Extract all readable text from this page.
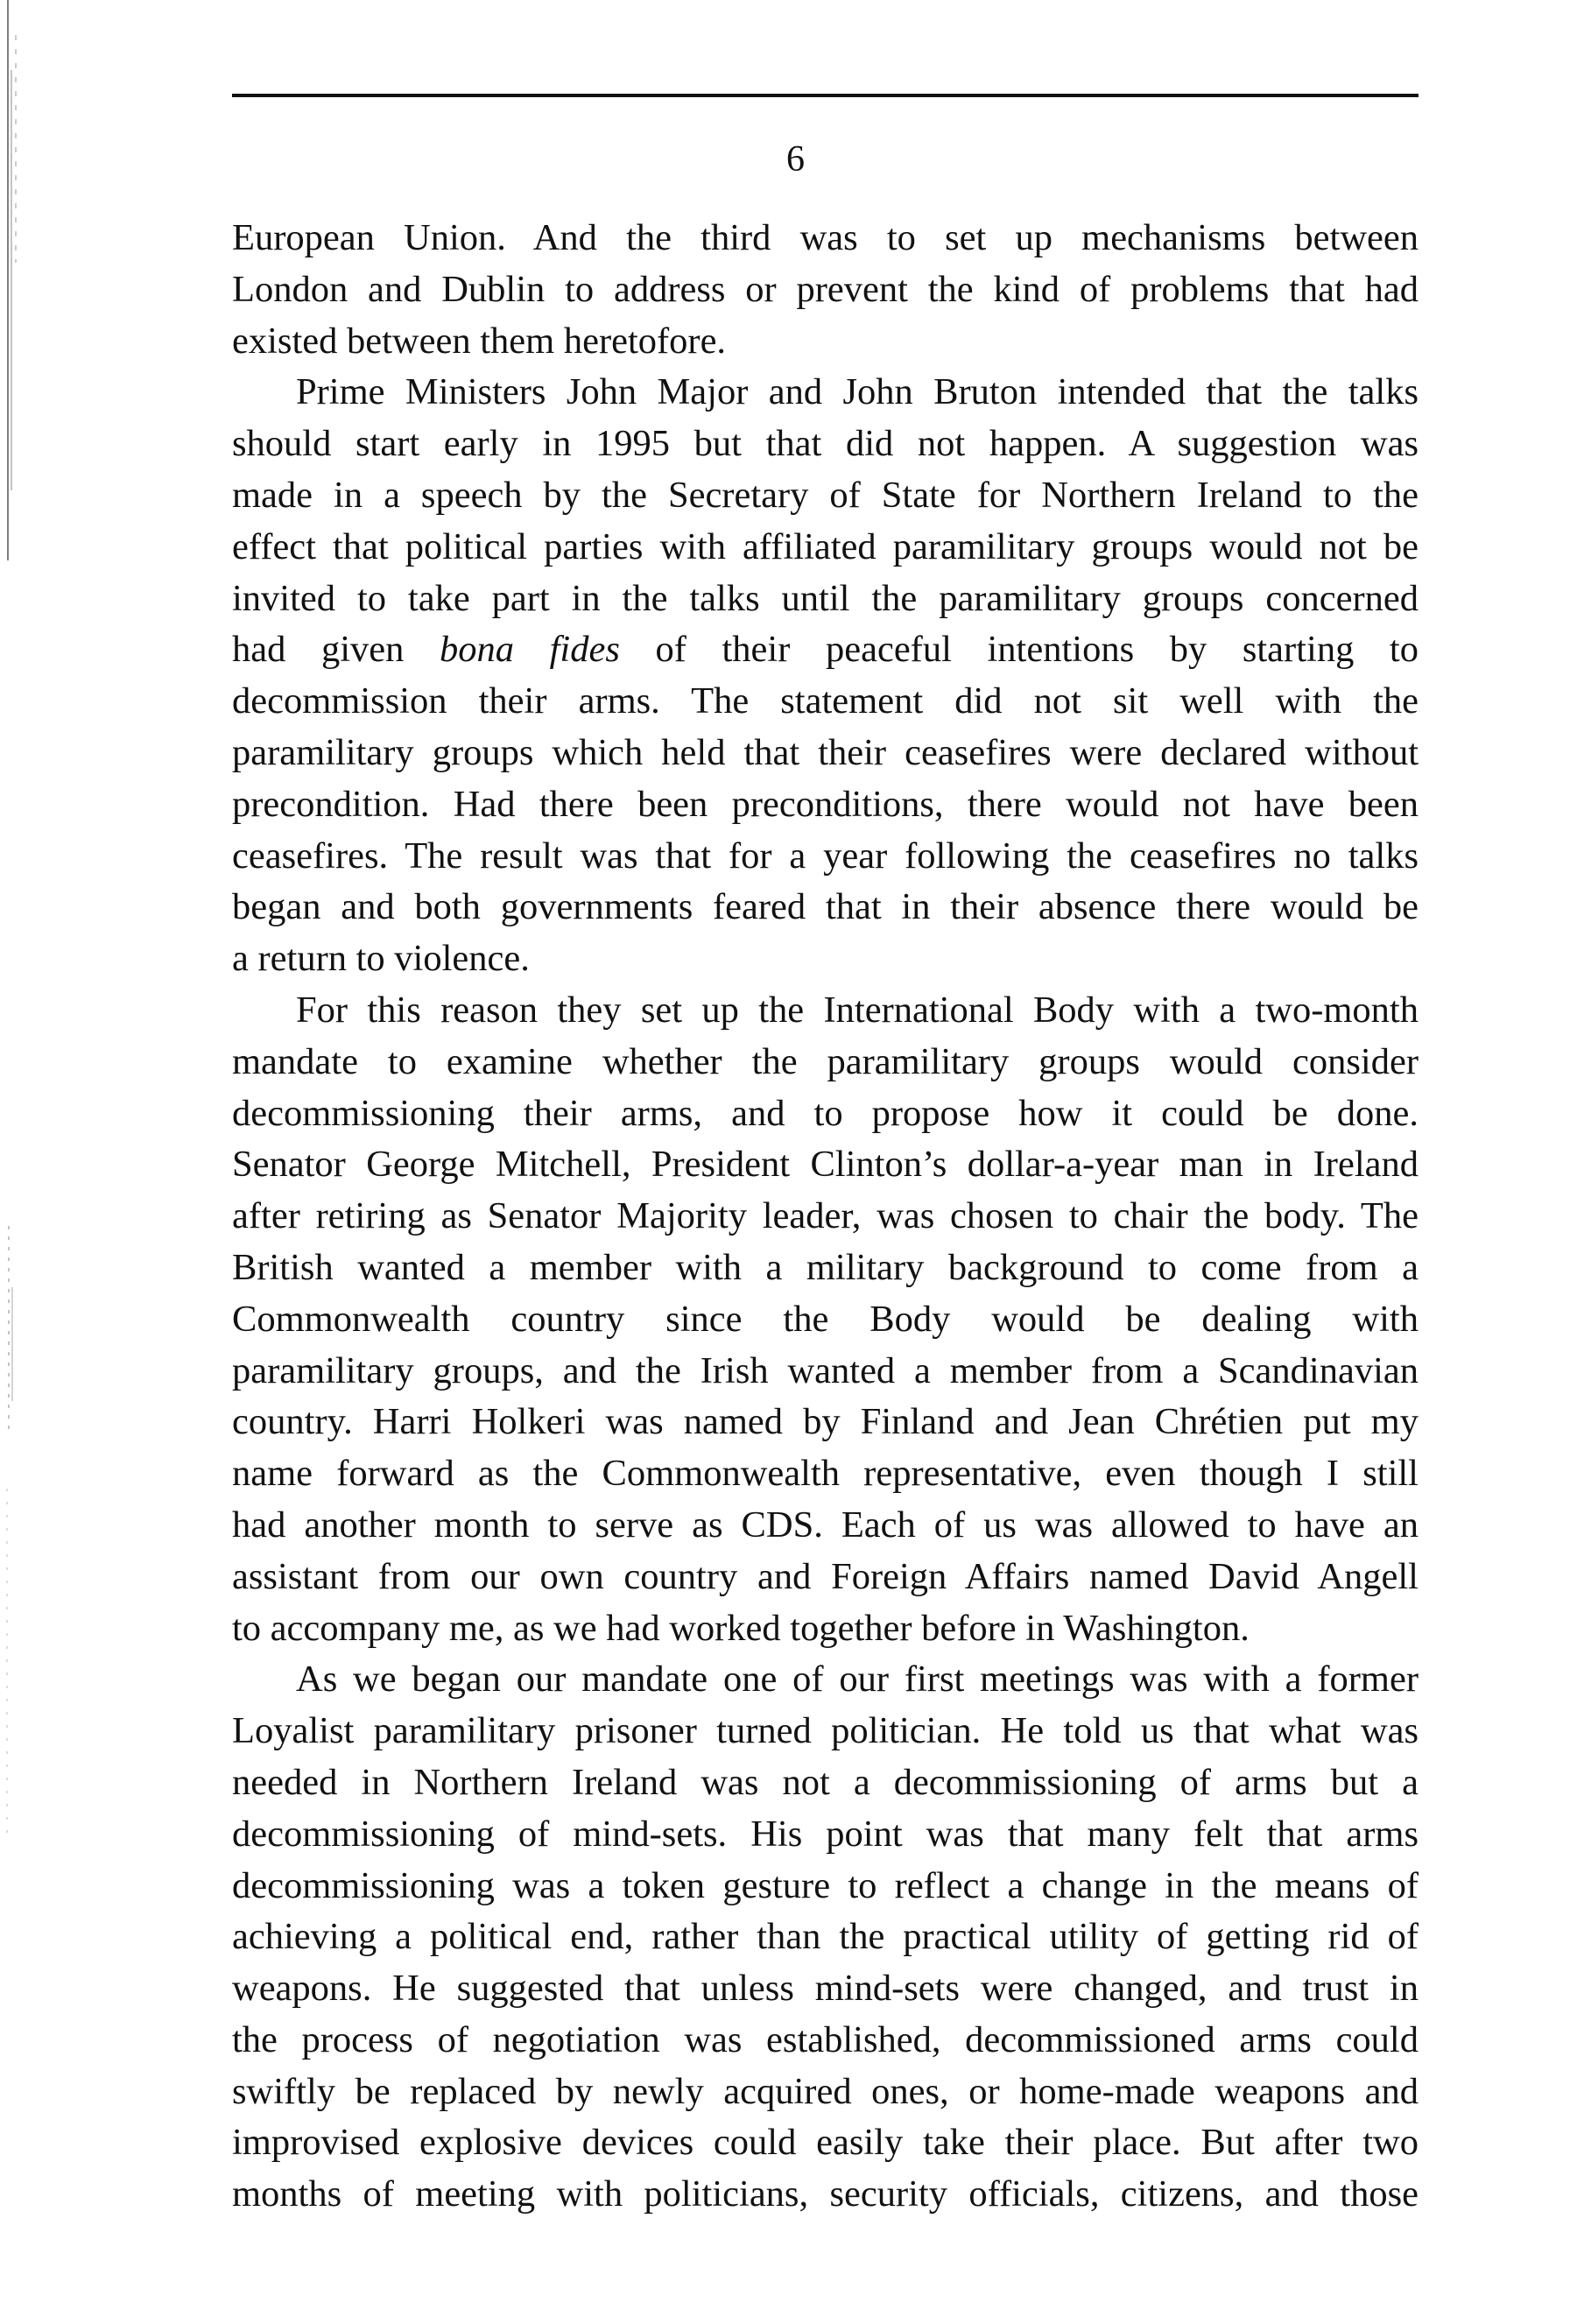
6
European Union. And the third was to set up mechanisms between
London and Dublin to address or prevent the kind of problems that had
existed between them heretofore.
Prime Ministers John Major and John Bruton intended that the talks
should start early in 1995 but that did not happen. A suggestion was
made in a speech by the Secretary of State for Northern Ireland to the
effect that political parties with affiliated paramilitary groups would not be
invited to take part in the talks until the paramilitary groups concerned
had given bona fides of their peaceful intentions by starting to
decommission their arms. The statement did not sit well with the
paramilitary groups which held that their ceasefires were declared without
precondition. Had there been preconditions, there would not have been
ceasefires. The result was that for a year following the ceasefires no talks
began and both governments feared that in their absence there would be
a return to violence.
For this reason they set up the International Body with a two-month
mandate to examine whether the paramilitary groups would consider
decommissioning their arms, and to propose how it could be done.
Senator George Mitchell, President Clinton’s dollar-a-year man in Ireland
after retiring as Senator Majority leader, was chosen to chair the body. The
British wanted a member with a military background to come from a
Commonwealth country since the Body would be dealing with
paramilitary groups, and the Irish wanted a member from a Scandinavian
country. Harri Holkeri was named by Finland and Jean Chrétien put my
name forward as the Commonwealth representative, even though I still
had another month to serve as CDS. Each of us was allowed to have an
assistant from our own country and Foreign Affairs named David Angell
to accompany me, as we had worked together before in Washington.
As we began our mandate one of our first meetings was with a former
Loyalist paramilitary prisoner turned politician. He told us that what was
needed in Northern Ireland was not a decommissioning of arms but a
decommissioning of mind-sets. His point was that many felt that arms
decommissioning was a token gesture to reflect a change in the means of
achieving a political end, rather than the practical utility of getting rid of
weapons. He suggested that unless mind-sets were changed, and trust in
the process of negotiation was established, decommissioned arms could
swiftly be replaced by newly acquired ones, or home-made weapons and
improvised explosive devices could easily take their place. But after two
months of meeting with politicians, security officials, citizens, and those
